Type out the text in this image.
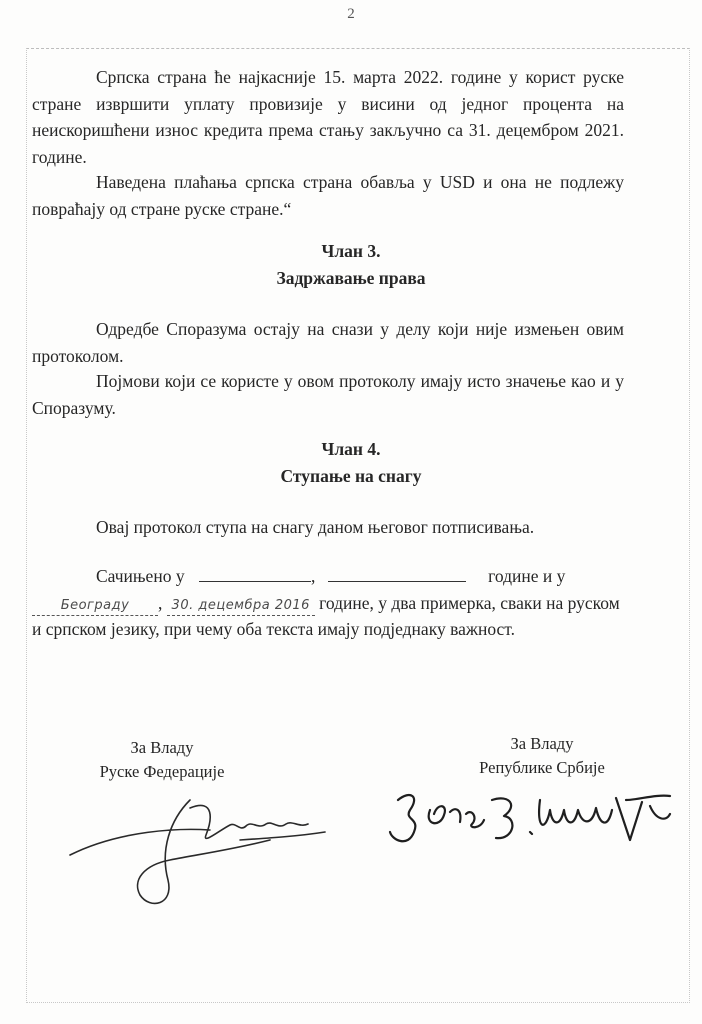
2
Српска страна ће најкасније 15. марта 2022. године у корист руске стране извршити уплату провизије у висини од једног процента на неискоришћени износ кредита према стању закључно са 31. децембром 2021. године.
Наведена плаћања српска страна обавља у USD и она не подлежу повраћају од стране руске стране.“
Члан 3.
Задржавање права
Одредбе Споразума остају на снази у делу који није измењен овим протоколом.
Појмови који се користе у овом протоколу имају исто значење као и у Споразуму.
Члан 4.
Ступање на снагу
Овај протокол ступа на снагу даном његовог потписивања.
Сачињено у	,	године и у
Београду , 30. децембра 2016 године, у два примерка, сваки на руском и српском језику, при чему оба текста имају подједнаку важност.
За Владу
Руске Федерације
За Владу
Републике Србије
